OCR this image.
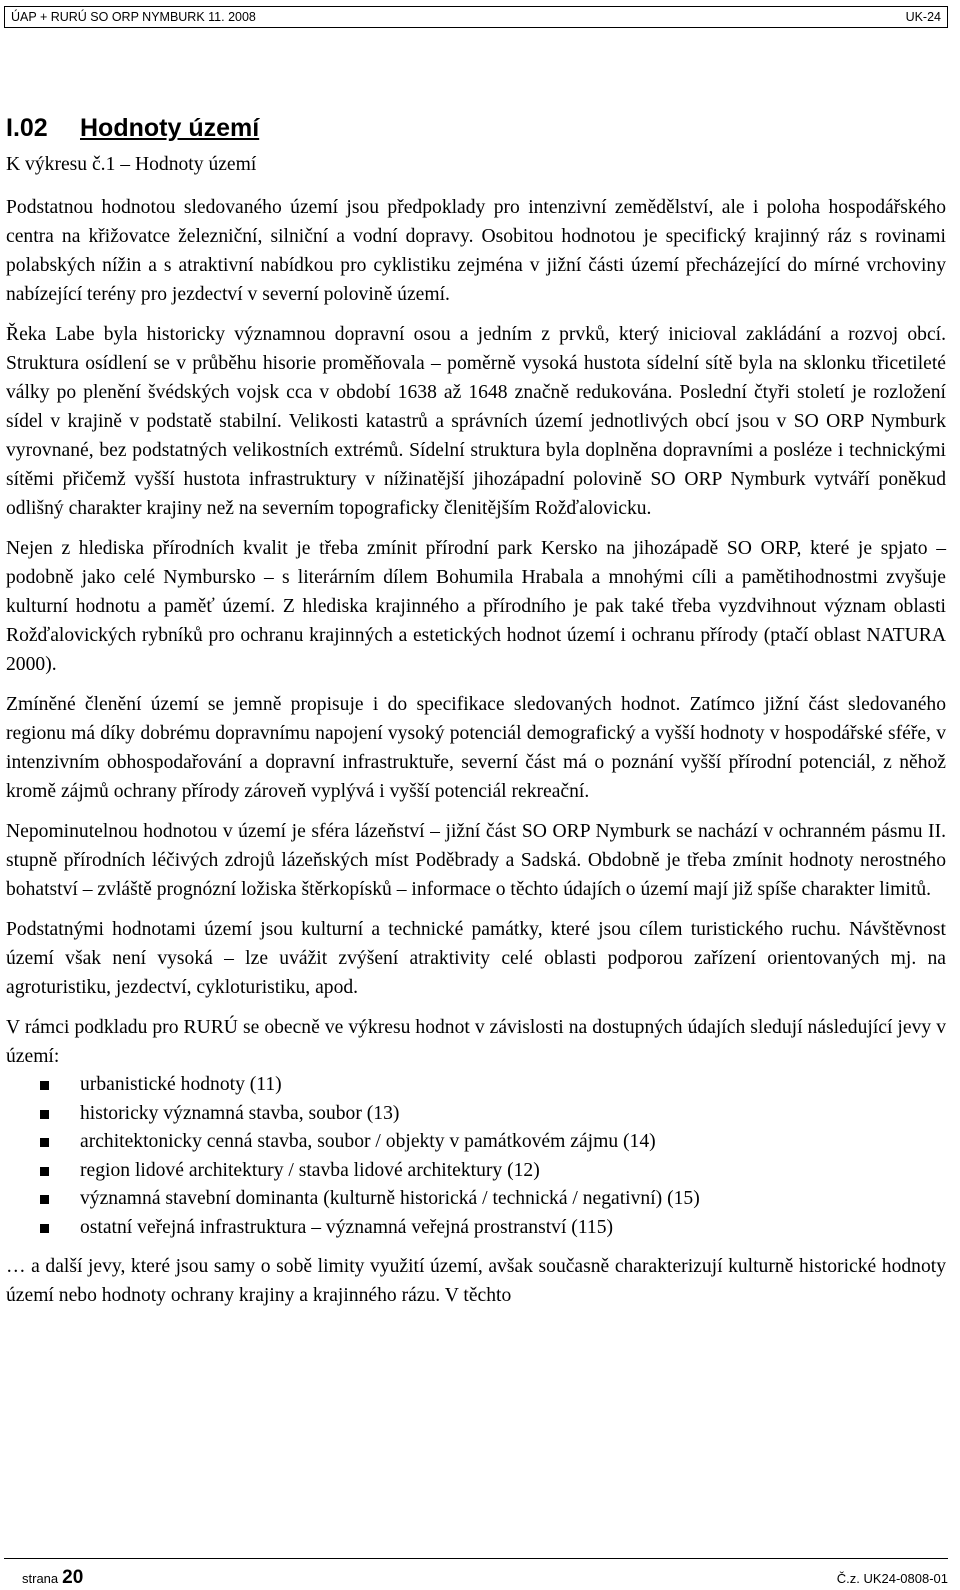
ÚAP + RURÚ SO ORP NYMBURK 11. 2008	UK-24
I.02 Hodnoty území
K výkresu č.1 – Hodnoty území

Podstatnou hodnotou sledovaného území jsou předpoklady pro intenzivní zemědělství, ale i poloha hospodářského centra na křižovatce železniční, silniční a vodní dopravy. Osobitou hodnotou je specifický krajinný ráz s rovinami polabských nížin a s atraktivní nabídkou pro cyklistiku zejména v jižní části území přecházející do mírné vrchoviny nabízející terény pro jezdectví v severní polovině území.

Řeka Labe byla historicky významnou dopravní osou a jedním z prvků, který inicioval zakládání a rozvoj obcí. Struktura osídlení se v průběhu hisorie proměňovala – poměrně vysoká hustota sídelní sítě byla na sklonku třicetileté války po plenění švédských vojsk cca v období 1638 až 1648 značně redukována. Poslední čtyři století je rozložení sídel v krajině v podstatě stabilní. Velikosti katastrů a správních území jednotlivých obcí jsou v SO ORP Nymburk vyrovnané, bez podstatných velikostních extrémů. Sídelní struktura byla doplněna dopravními a posléze i technickými sítěmi přičemž vyšší hustota infrastruktury v nížinatější jihozápadní polovině SO ORP Nymburk vytváří poněkud odlišný charakter krajiny než na severním topograficky členitějším Rožďalovicku.

Nejen z hlediska přírodních kvalit je třeba zmínit přírodní park Kersko na jihozápadě SO ORP, které je spjato – podobně jako celé Nymbursko – s literárním dílem Bohumila Hrabala a mnohými cíli a pamětihodnostmi zvyšuje kulturní hodnotu a paměť území. Z hlediska krajinného a přírodního je pak také třeba vyzdvihnout význam oblasti Rožďalovických rybníků pro ochranu krajinných a estetických hodnot území i ochranu přírody (ptačí oblast NATURA 2000).

Zmíněné členění území se jemně propisuje i do specifikace sledovaných hodnot. Zatímco jižní část sledovaného regionu má díky dobrému dopravnímu napojení vysoký potenciál demografický a vyšší hodnoty v hospodářské sféře, v intenzivním obhospodařování a dopravní infrastruktuře, severní část má o poznání vyšší přírodní potenciál, z něhož kromě zájmů ochrany přírody zároveň vyplývá i vyšší potenciál rekreační.

Nepominutelnou hodnotou v území je sféra lázeňství – jižní část SO ORP Nymburk se nachází v ochranném pásmu II. stupně přírodních léčivých zdrojů lázeňských míst Poděbrady a Sadská. Obdobně je třeba zmínit hodnoty nerostného bohatství – zvláště prognózní ložiska štěrkopísků – informace o těchto údajích o území mají již spíše charakter limitů.

Podstatnými hodnotami území jsou kulturní a technické památky, které jsou cílem turistického ruchu. Návštěvnost území však není vysoká – lze uvážit zvýšení atraktivity celé oblasti podporou zařízení orientovaných mj. na agroturistiku, jezdectví, cykloturistiku, apod.

V rámci podkladu pro RURÚ se obecně ve výkresu hodnot v závislosti na dostupných údajích sledují následující jevy v území:

urbanistické hodnoty (11)
historicky významná stavba, soubor (13)
architektonicky cenná stavba, soubor / objekty v památkovém zájmu (14)
region lidové architektury / stavba lidové architektury (12)
významná stavební dominanta (kulturně historická / technická / negativní) (15)
ostatní veřejná infrastruktura – významná veřejná prostranství (115)

… a další jevy, které jsou samy o sobě limity využití území, avšak současně charakterizují kulturně historické hodnoty území nebo hodnoty ochrany krajiny a krajinného rázu. V těchto

strana 20	Č.z. UK24-0808-01
